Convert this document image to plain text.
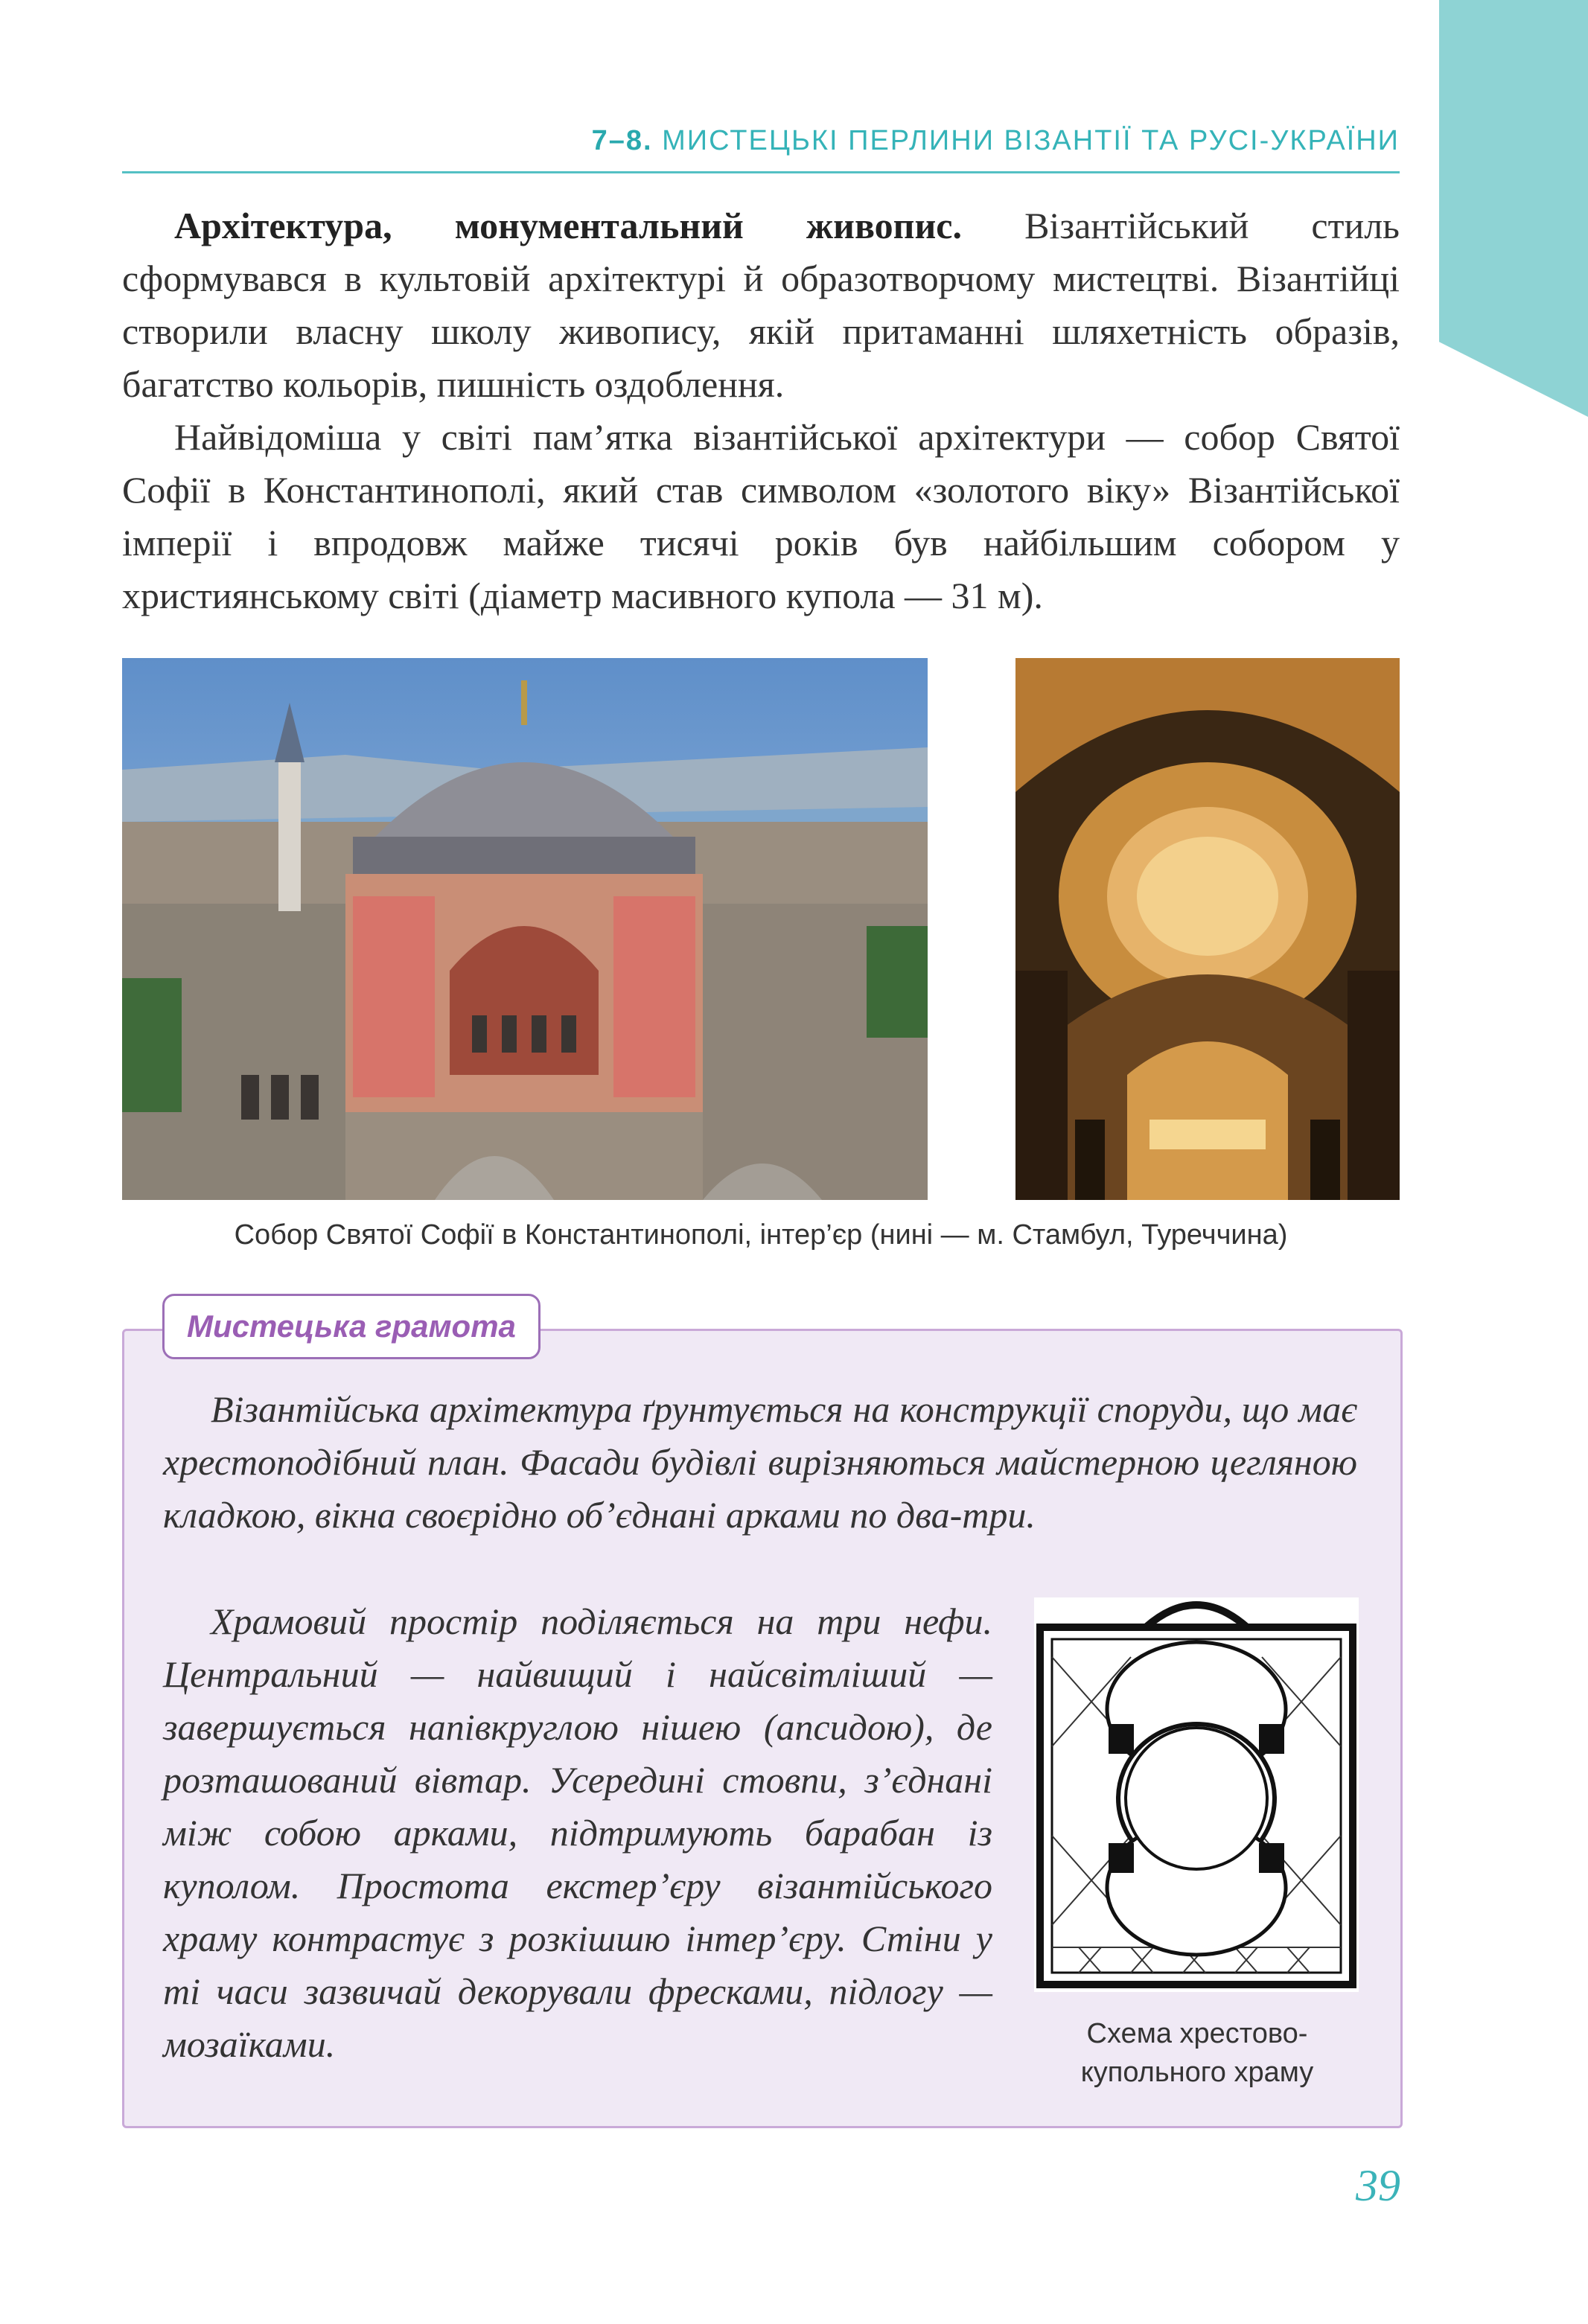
7–8. МИСТЕЦЬКІ ПЕРЛИНИ ВІЗАНТІЇ ТА РУСІ-УКРАЇНИ

Архітектура, монументальний живопис. Візантійський стиль сформувався в культовій архітектурі й образотворчому мистецтві. Візантійці створили власну школу живопису, якій притаманні шляхетність образів, багатство кольорів, пишність оздоблення.

Найвідоміша у світі пам’ятка візантійської архітектури — собор Святої Софії в Константинополі, який став символом «золотого віку» Візантійської імперії і впродовж майже тисячі років був найбільшим собором у християнському світі (діаметр масивного купола — 31 м).

Собор Святої Софії в Константинополі, інтер’єр (нині — м. Стамбул, Туреччина)
Візантійська архітектура ґрунтується на конструкції споруди, що має хрестоподібний план. Фасади будівлі вирізняються майстерною цегляною кладкою, вікна своєрідно об’єднані арками по два-три.
Храмовий простір поділяється на три нефи. Центральний — найвищий і найсвітліший — завершується напівкруглою нішею (апсидою), де розташований вівтар. Усередині стовпи, з’єднані між собою арками, підтримують барабан із куполом. Простота екстер’єру візантійського храму контрастує з розкішшю інтер’єру. Стіни у ті часи зазвичай декорували фресками, підлогу — мозаїками.	Схема хрестово-
купольного храму
Мистецька грамота
39
